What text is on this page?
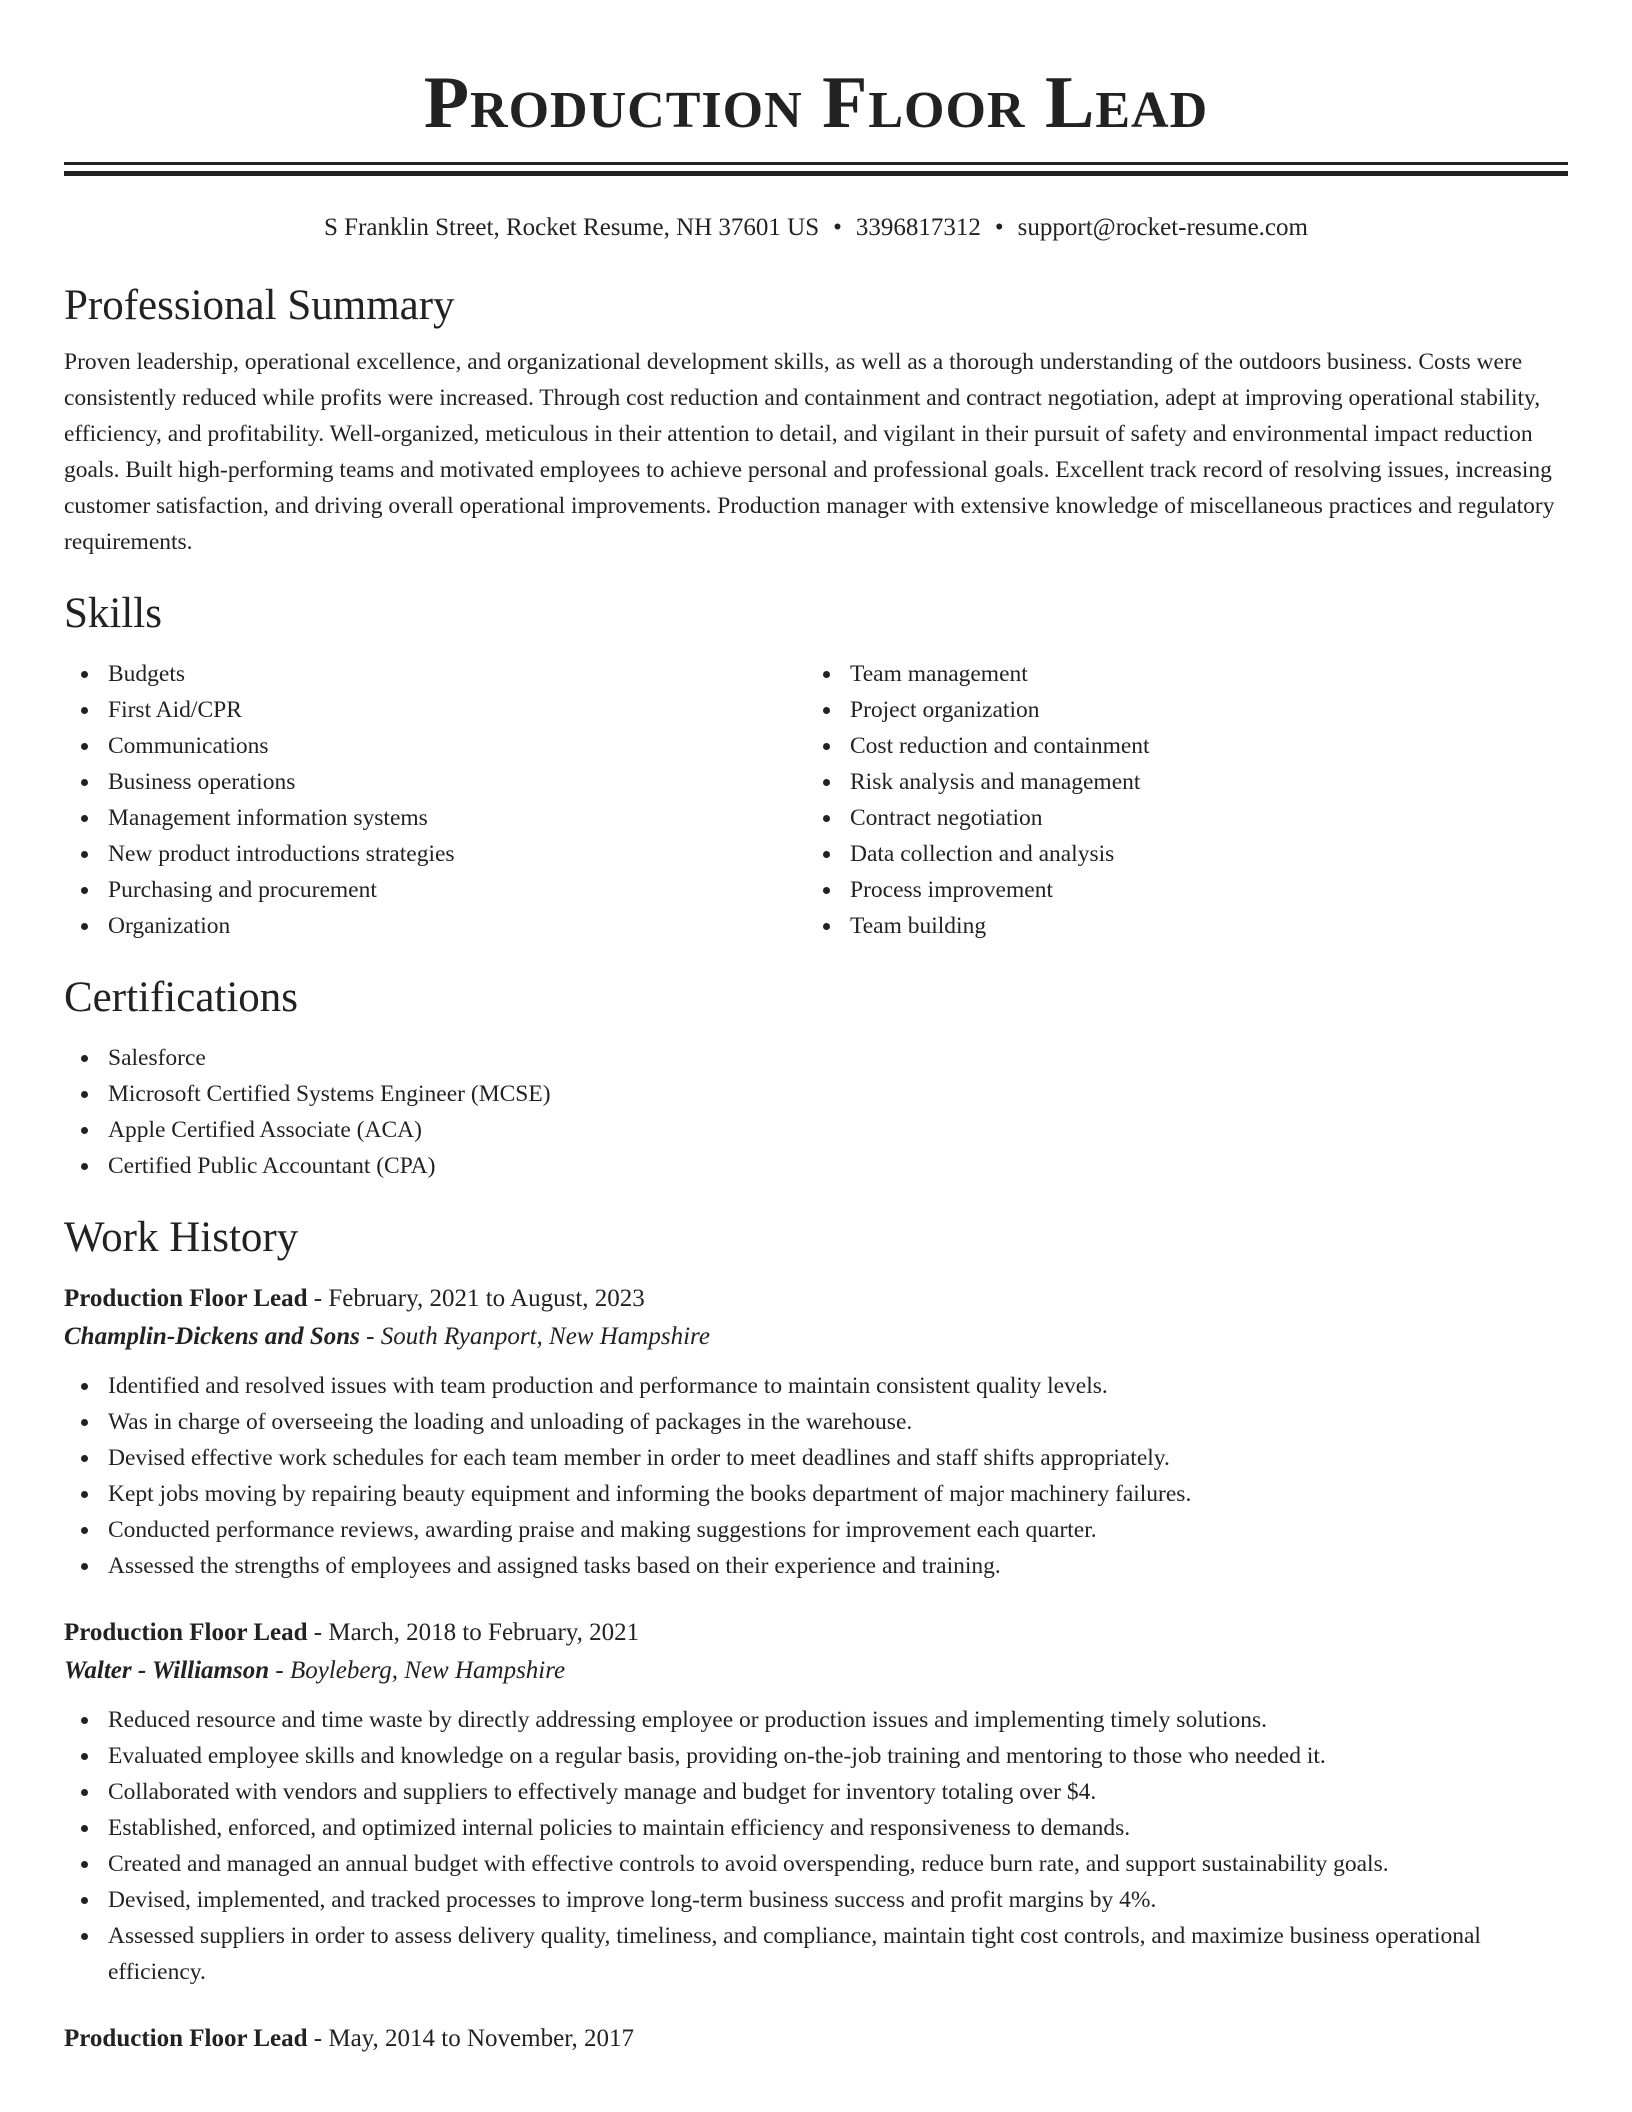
Production Floor Lead
S Franklin Street, Rocket Resume, NH 37601 US • 3396817312 • support@rocket-resume.com
Professional Summary

Proven leadership, operational excellence, and organizational development skills, as well as a thorough understanding of the outdoors business. Costs were consistently reduced while profits were increased. Through cost reduction and containment and contract negotiation, adept at improving operational stability, efficiency, and profitability. Well-organized, meticulous in their attention to detail, and vigilant in their pursuit of safety and environmental impact reduction goals. Built high-performing teams and motivated employees to achieve personal and professional goals. Excellent track record of resolving issues, increasing customer satisfaction, and driving overall operational improvements. Production manager with extensive knowledge of miscellaneous practices and regulatory requirements.

Skills
Budgets
First Aid/CPR
Communications
Business operations
Management information systems
New product introductions strategies
Purchasing and procurement
Organization
Team management
Project organization
Cost reduction and containment
Risk analysis and management
Contract negotiation
Data collection and analysis
Process improvement
Team building
Certifications
Salesforce
Microsoft Certified Systems Engineer (MCSE)
Apple Certified Associate (ACA)
Certified Public Accountant (CPA)
Work History
Production Floor Lead - February, 2021 to August, 2023
Champlin-Dickens and Sons - South Ryanport, New Hampshire
Identified and resolved issues with team production and performance to maintain consistent quality levels.
Was in charge of overseeing the loading and unloading of packages in the warehouse.
Devised effective work schedules for each team member in order to meet deadlines and staff shifts appropriately.
Kept jobs moving by repairing beauty equipment and informing the books department of major machinery failures.
Conducted performance reviews, awarding praise and making suggestions for improvement each quarter.
Assessed the strengths of employees and assigned tasks based on their experience and training.
Production Floor Lead - March, 2018 to February, 2021
Walter - Williamson - Boyleberg, New Hampshire
Reduced resource and time waste by directly addressing employee or production issues and implementing timely solutions.
Evaluated employee skills and knowledge on a regular basis, providing on-the-job training and mentoring to those who needed it.
Collaborated with vendors and suppliers to effectively manage and budget for inventory totaling over $4.
Established, enforced, and optimized internal policies to maintain efficiency and responsiveness to demands.
Created and managed an annual budget with effective controls to avoid overspending, reduce burn rate, and support sustainability goals.
Devised, implemented, and tracked processes to improve long-term business success and profit margins by 4%.
Assessed suppliers in order to assess delivery quality, timeliness, and compliance, maintain tight cost controls, and maximize business operational efficiency.
Production Floor Lead - May, 2014 to November, 2017
